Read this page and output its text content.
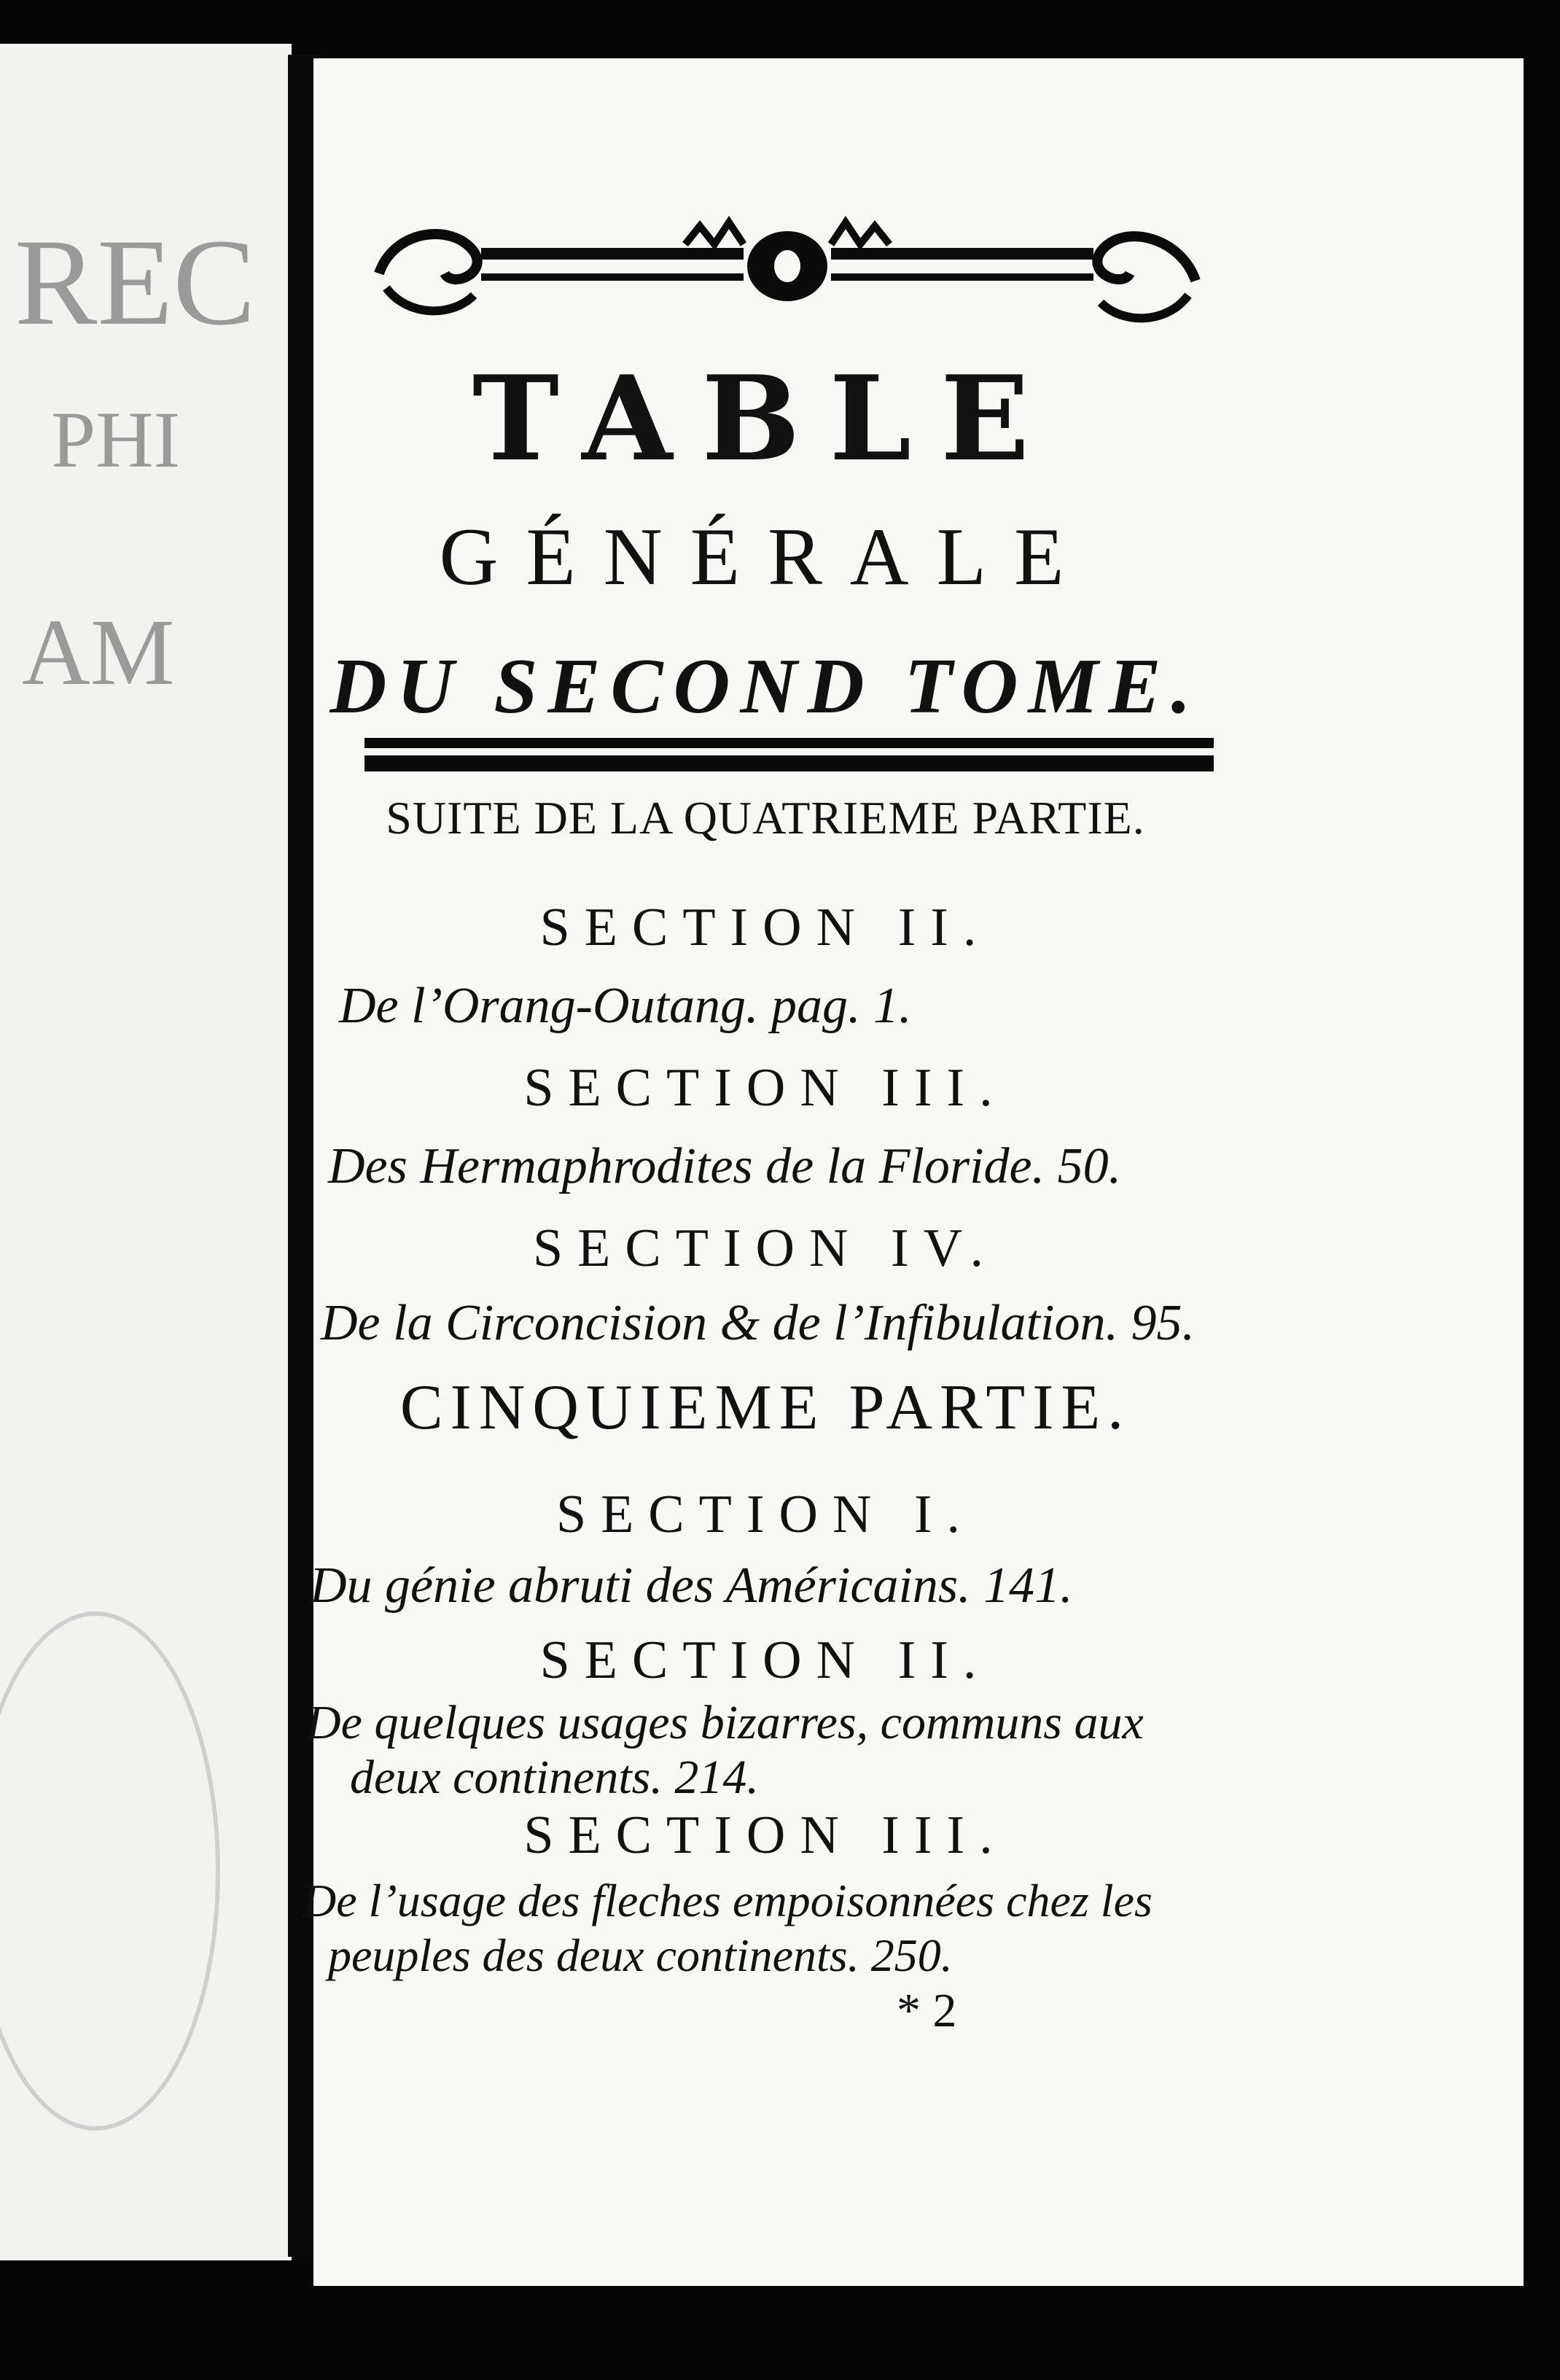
REC
PHI
AM
TABLE
GÉNÉRALE
DU SECOND TOME.
SUITE DE LA QUATRIEME PARTIE.
SECTION II.
De l’Orang-Outang. pag. 1.
SECTION III.
Des Hermaphrodites de la Floride. 50.
SECTION IV.
De la Circoncision & de l’Infibulation. 95.
CINQUIEME PARTIE.
SECTION I.
Du génie abruti des Américains. 141.
SECTION II.
De quelques usages bizarres, communs aux
deux continents. 214.
SECTION III.
De l’usage des fleches empoisonnées chez les
peuples des deux continents. 250.
* 2
